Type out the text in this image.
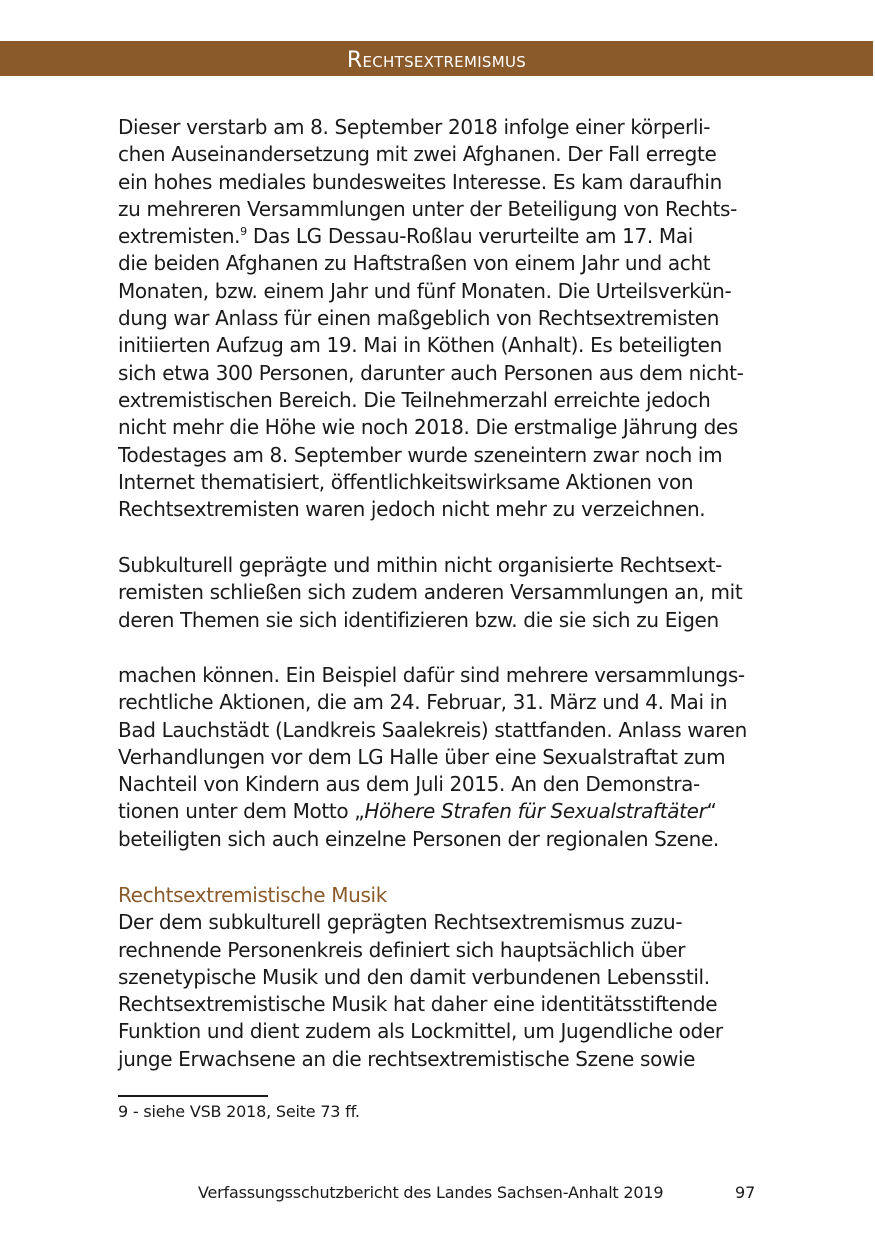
Rechtsextremismus

Dieser verstarb am 8. September 2018 infolge einer körperli-
chen Auseinandersetzung mit zwei Afghanen. Der Fall erregte
ein hohes mediales bundesweites Interesse. Es kam daraufhin
zu mehreren Versammlungen unter der Beteiligung von Rechts-
extremisten.$^9$ Das LG Dessau-Roßlau verurteilte am 17. Mai
die beiden Afghanen zu Haftstraßen von einem Jahr und acht
Monaten, bzw. einem Jahr und fünf Monaten. Die Urteilsverkün-
dung war Anlass für einen maßgeblich von Rechtsextremisten
initiierten Aufzug am 19. Mai in Köthen (Anhalt). Es beteiligten
sich etwa 300 Personen, darunter auch Personen aus dem nicht-
extremistischen Bereich. Die Teilnehmerzahl erreichte jedoch
nicht mehr die Höhe wie noch 2018. Die erstmalige Jährung des
Todestages am 8. September wurde szeneintern zwar noch im
Internet thematisiert, öffentlichkeitswirksame Aktionen von
Rechtsextremisten waren jedoch nicht mehr zu verzeichnen.

Subkulturell geprägte und mithin nicht organisierte Rechtsext-
remisten schließen sich zudem anderen Versammlungen an, mit
deren Themen sie sich identifizieren bzw. die sie sich zu Eigen

machen können. Ein Beispiel dafür sind mehrere versammlungs-
rechtliche Aktionen, die am 24. Februar, 31. März und 4. Mai in
Bad Lauchstädt (Landkreis Saalekreis) stattfanden. Anlass waren
Verhandlungen vor dem LG Halle über eine Sexualstraftat zum
Nachteil von Kindern aus dem Juli 2015. An den Demonstra-
tionen unter dem Motto „Höhere Strafen für Sexualstraftäter“
beteiligten sich auch einzelne Personen der regionalen Szene.

Rechtsextremistische Musik
Der dem subkulturell geprägten Rechtsextremismus zuzu-
rechnende Personenkreis definiert sich hauptsächlich über
szenetypische Musik und den damit verbundenen Lebensstil.
Rechtsextremistische Musik hat daher eine identitätsstiftende
Funktion und dient zudem als Lockmittel, um Jugendliche oder
junge Erwachsene an die rechtsextremistische Szene sowie

9 - siehe VSB 2018, Seite 73 ff.
Verfassungsschutzbericht des Landes Sachsen-Anhalt 2019	97
